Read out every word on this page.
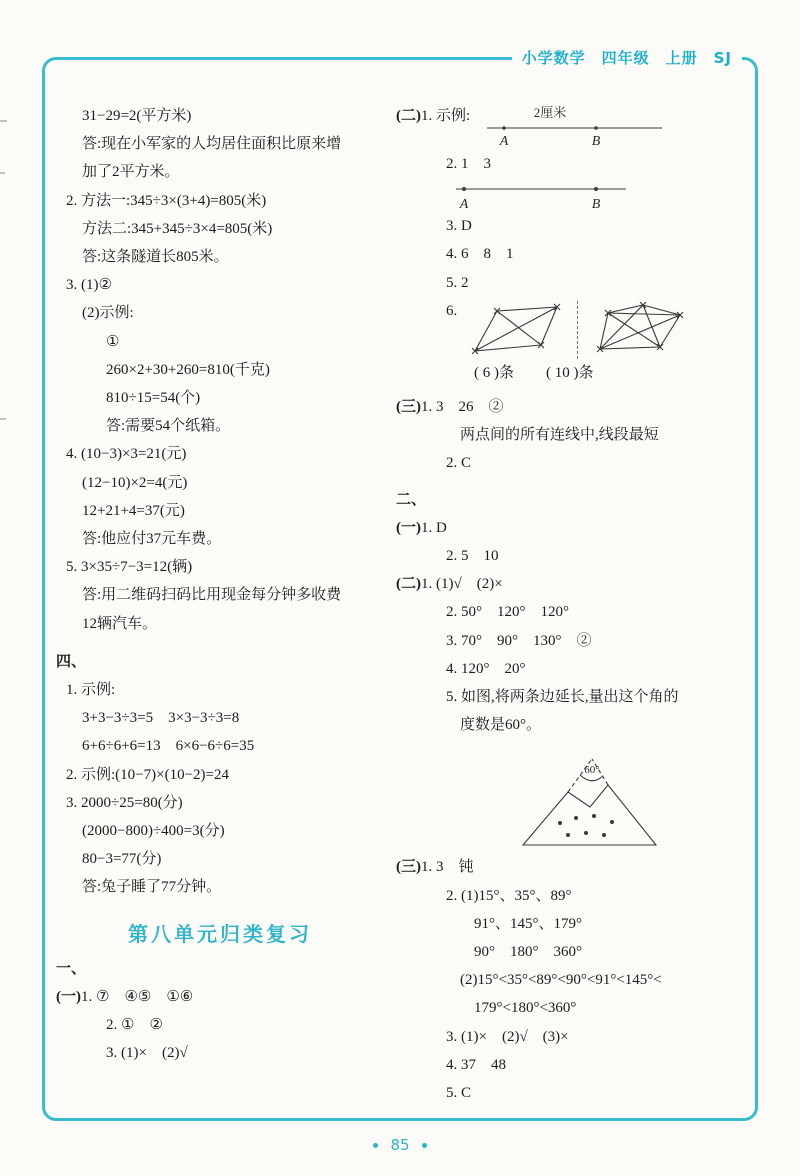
小学数学　四年级　上册　SJ
31−29=2(平方米)
答:现在小军家的人均居住面积比原来增
加了2平方米。
2. 方法一:345÷3×(3+4)=805(米)
方法二:345+345÷3×4=805(米)
答:这条隧道长805米。
3. (1)②
(2)示例:
①
260×2+30+260=810(千克)
810÷15=54(个)
答:需要54个纸箱。
4. (10−3)×3=21(元)
(12−10)×2=4(元)
12+21+4=37(元)
答:他应付37元车费。
5. 3×35÷7−3=12(辆)
答:用二维码扫码比用现金每分钟多收费
12辆汽车。
四、
1. 示例:
3+3−3÷3=5　3×3−3÷3=8
6+6÷6+6=13　6×6−6÷6=35
2. 示例:(10−7)×(10−2)=24
3. 2000÷25=80(分)
(2000−800)÷400=3(分)
80−3=77(分)
答:兔子睡了77分钟。
第八单元归类复习
一、
(一)1. ⑦　④⑤　①⑥
2. ①　②
3. (1)×　(2)√
(二)1. 示例:	2厘米
A	B
2. 1　3
A	B
3. D
4. 6　8　1
5. 2
6.
( 6 )条 ( 10 )条
(三)1. 3　26　②
两点间的所有连线中,线段最短
2. C
二、
(一)1. D
2. 5　10
(二)1. (1)√　(2)×
2. 50°　120°　120°
3. 70°　90°　130°　②
4. 120°　20°
5. 如图,将两条边延长,量出这个角的
度数是60°。
60°
(三)1. 3　钝
2. (1)15°、35°、89°
91°、145°、179°
90°　180°　360°
(2)15°<35°<89°<90°<91°<145°<
179°<180°<360°
3. (1)×　(2)√　(3)×
4. 37　48
5. C
85
